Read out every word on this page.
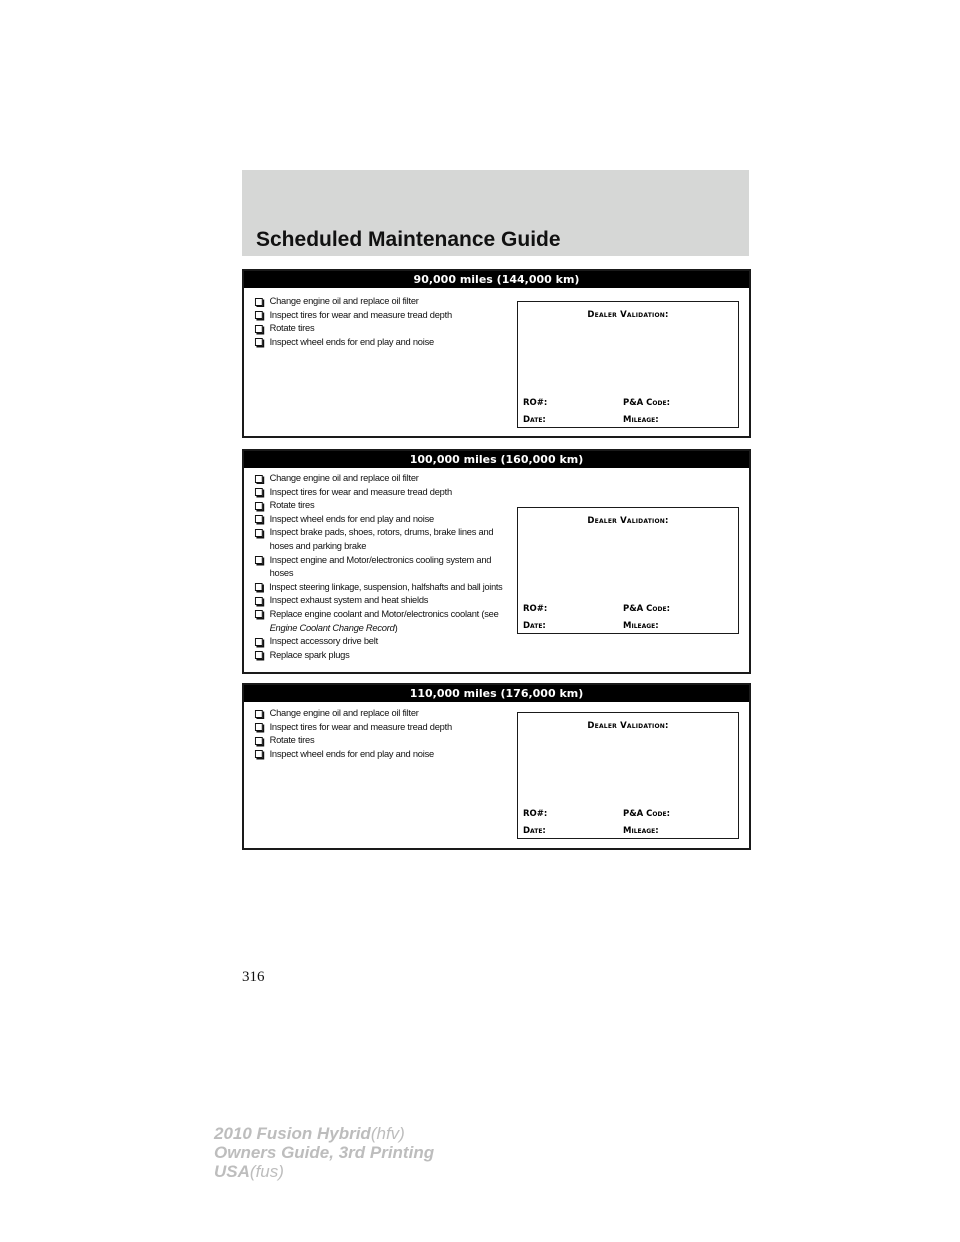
Scheduled Maintenance Guide
90,000 miles (144,000 km)
Change engine oil and replace oil filter
Inspect tires for wear and measure tread depth
Rotate tires
Inspect wheel ends for end play and noise
Dealer Validation:
RO#:	P&A Code:
Date:	Mileage:
100,000 miles (160,000 km)
Change engine oil and replace oil filter
Inspect tires for wear and measure tread depth
Rotate tires
Inspect wheel ends for end play and noise
Inspect brake pads, shoes, rotors, drums, brake lines and
hoses and parking brake
Inspect engine and Motor/electronics cooling system and
hoses
Inspect steering linkage, suspension, halfshafts and ball joints
Inspect exhaust system and heat shields
Replace engine coolant and Motor/electronics coolant (see
Engine Coolant Change Record)
Inspect accessory drive belt
Replace spark plugs
Dealer Validation:
RO#:	P&A Code:
Date:	Mileage:
110,000 miles (176,000 km)
Change engine oil and replace oil filter
Inspect tires for wear and measure tread depth
Rotate tires
Inspect wheel ends for end play and noise
Dealer Validation:
RO#:	P&A Code:
Date:	Mileage:
316
2010 Fusion Hybrid(hfv)
Owners Guide, 3rd Printing
USA(fus)
